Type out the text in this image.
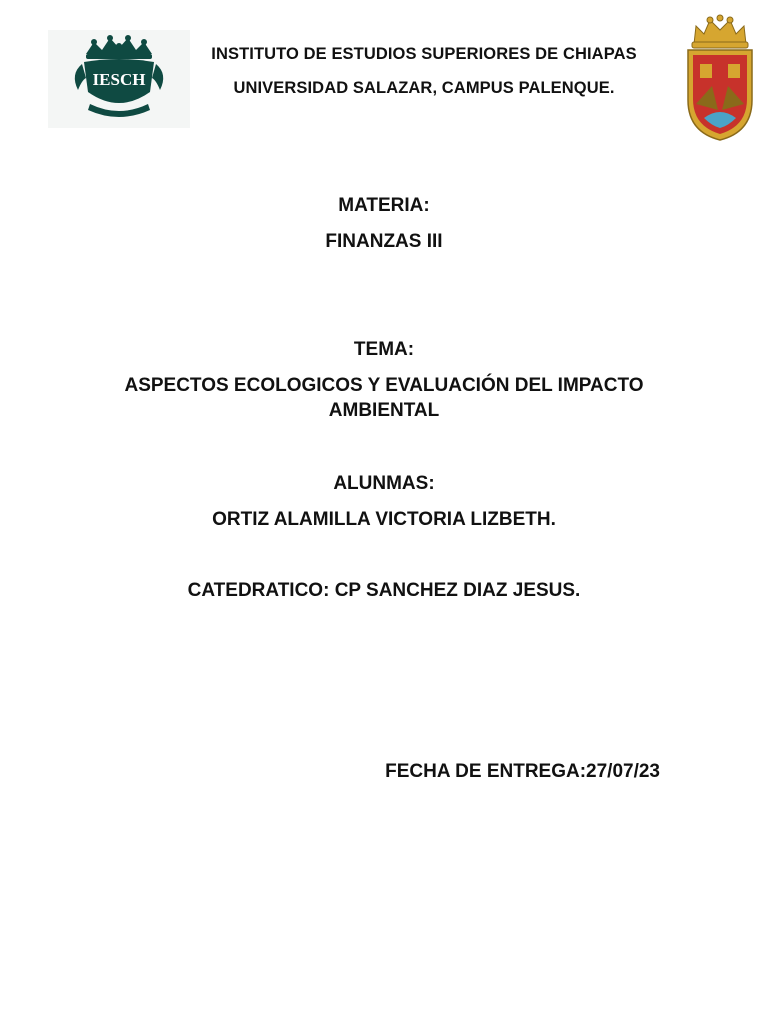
IESCH
INSTITUTO DE ESTUDIOS SUPERIORES DE CHIAPAS
UNIVERSIDAD SALAZAR, CAMPUS PALENQUE.
MATERIA:
FINANZAS III
TEMA:
ASPECTOS ECOLOGICOS Y EVALUACIÓN DEL IMPACTO
AMBIENTAL
ALUNMAS:
ORTIZ ALAMILLA VICTORIA LIZBETH.
CATEDRATICO: CP SANCHEZ DIAZ JESUS.
FECHA DE ENTREGA:27/07/23
